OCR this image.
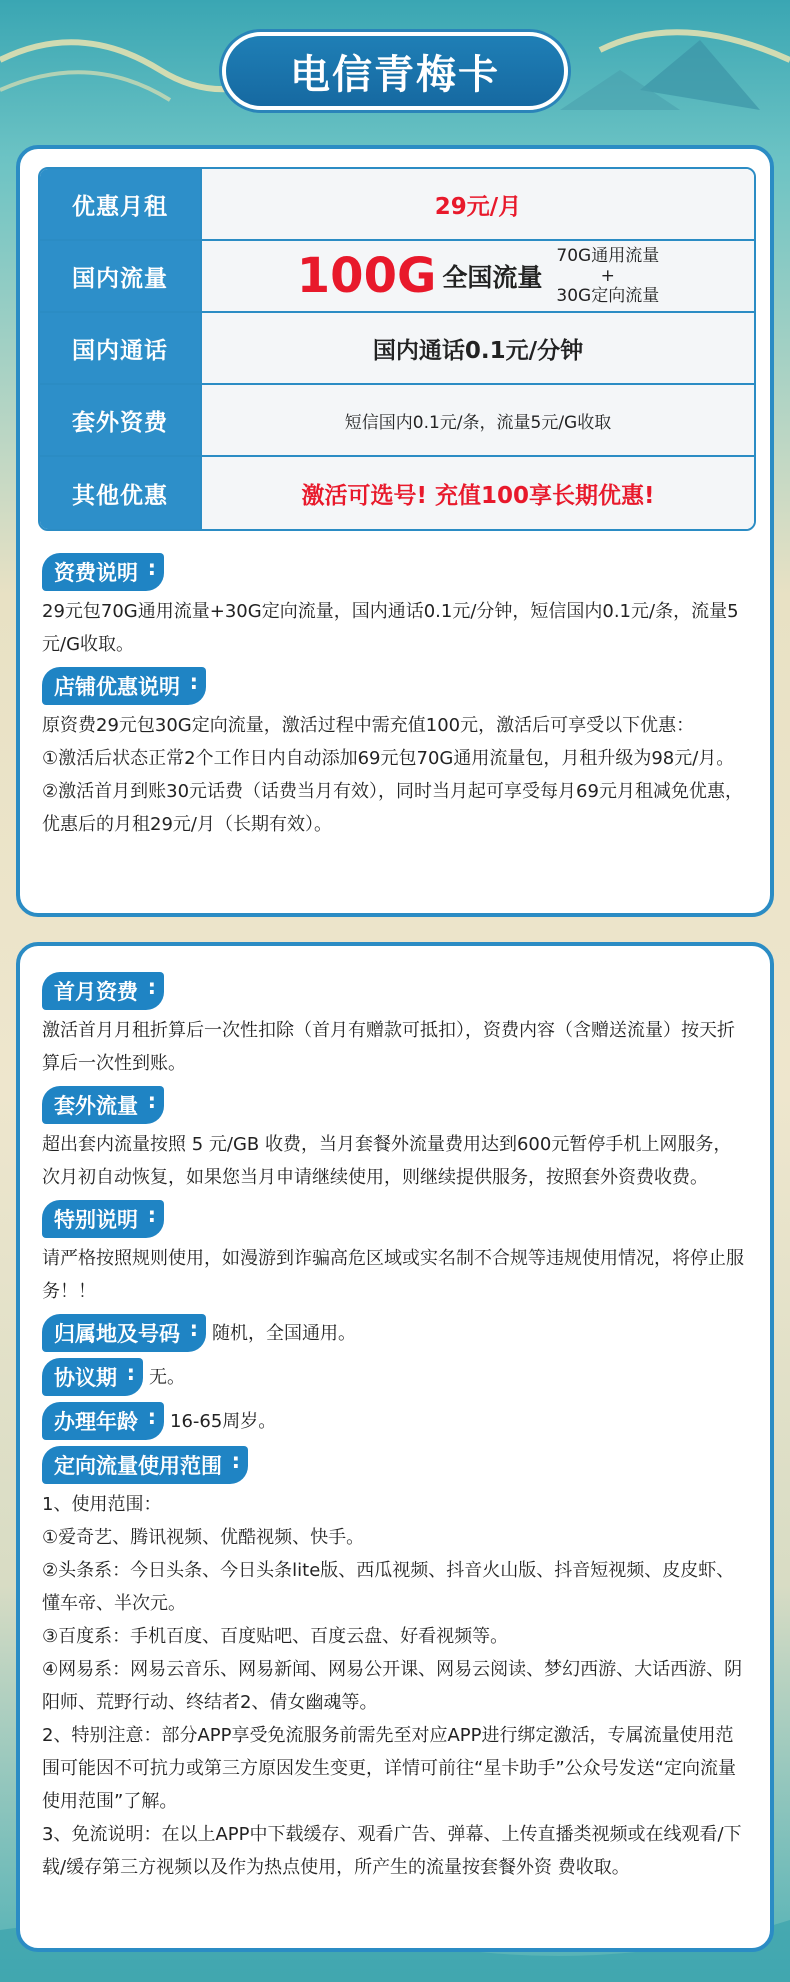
电信青梅卡
优惠月租	29元/月
国内流量	100G 全国流量
70G通用流量
+
30G定向流量
国内通话	国内通话0.1元/分钟
套外资费	短信国内0.1元/条，流量5元/G收取
其他优惠	激活可选号! 充值100享长期优惠!
资费说明 :
29元包70G通用流量+30G定向流量，国内通话0.1元/分钟，短信国内0.1元/条，流量5元/G收取。
店铺优惠说明 :
原资费29元包30G定向流量，激活过程中需充值100元，激活后可享受以下优惠：
①激活后状态正常2个工作日内自动添加69元包70G通用流量包，月租升级为98元/月。
②激活首月到账30元话费（话费当月有效），同时当月起可享受每月69元月租减免优惠，优惠后的月租29元/月（长期有效）。
首月资费 :
激活首月月租折算后一次性扣除（首月有赠款可抵扣），资费内容（含赠送流量）按天折算后一次性到账。
套外流量 :
超出套内流量按照 5 元/GB 收费，当月套餐外流量费用达到600元暂停手机上网服务，次月初自动恢复，如果您当月申请继续使用，则继续提供服务，按照套外资费收费。
特别说明 :
请严格按照规则使用，如漫游到诈骗高危区域或实名制不合规等违规使用情况，将停止服务！！
归属地及号码 :	随机，全国通用。
协议期 :	无。
办理年龄 :	16-65周岁。
定向流量使用范围 :
1、使用范围：
①爱奇艺、腾讯视频、优酷视频、快手。
②头条系：今日头条、今日头条lite版、西瓜视频、抖音火山版、抖音短视频、皮皮虾、懂车帝、半次元。
③百度系：手机百度、百度贴吧、百度云盘、好看视频等。
④网易系：网易云音乐、网易新闻、网易公开课、网易云阅读、梦幻西游、大话西游、阴阳师、荒野行动、终结者2、倩女幽魂等。
2、特别注意：部分APP享受免流服务前需先至对应APP进行绑定激活，专属流量使用范围可能因不可抗力或第三方原因发生变更，详情可前往“星卡助手”公众号发送“定向流量使用范围”了解。
3、免流说明：在以上APP中下载缓存、观看广告、弹幕、上传直播类视频或在线观看/下载/缓存第三方视频以及作为热点使用，所产生的流量按套餐外资 费收取。
